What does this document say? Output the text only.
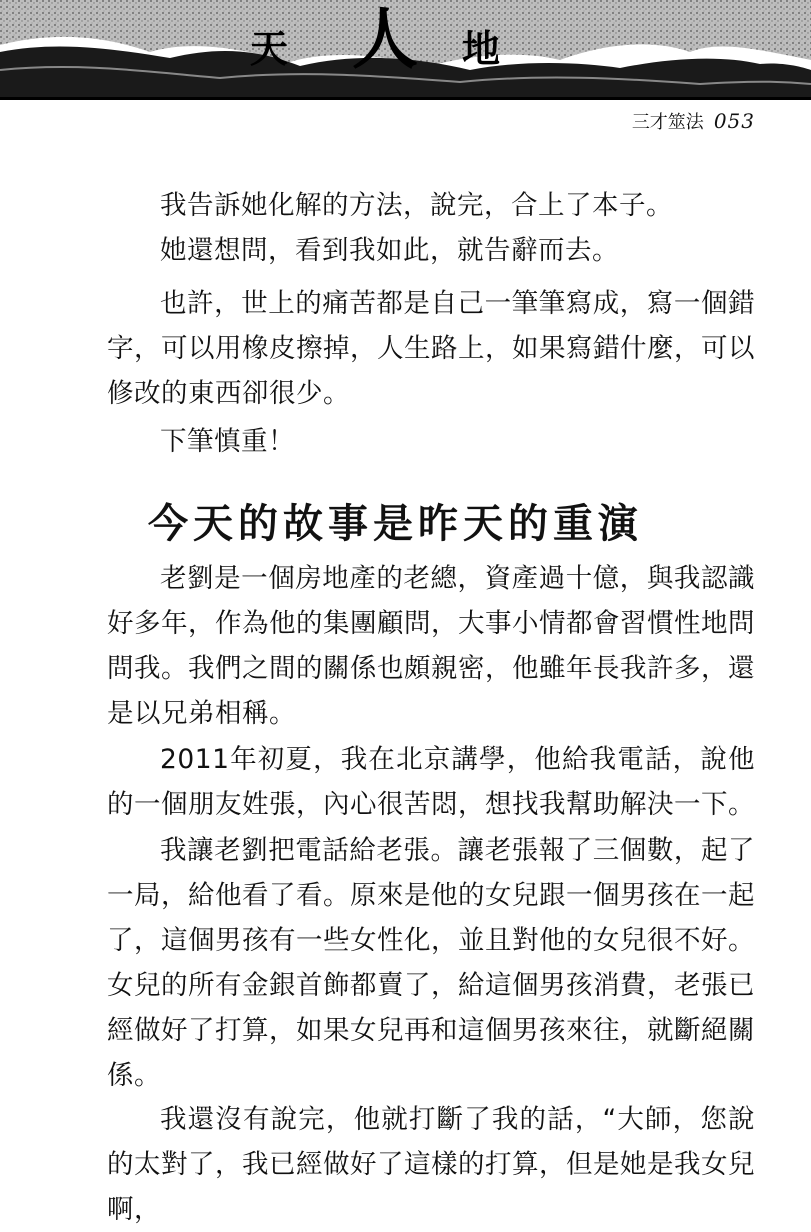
天 人 地
三才筮法 053

我告訴她化解的方法，說完，合上了本子。

她還想問，看到我如此，就告辭而去。

也許，世上的痛苦都是自己一筆筆寫成，寫一個錯字，可以用橡皮擦掉，人生路上，如果寫錯什麼，可以修改的東西卻很少。

下筆慎重！

今天的故事是昨天的重演

老劉是一個房地產的老總，資產過十億，與我認識好多年，作為他的集團顧問，大事小情都會習慣性地問問我。我們之間的關係也頗親密，他雖年長我許多，還是以兄弟相稱。

2011年初夏，我在北京講學，他給我電話，說他的一個朋友姓張，內心很苦悶，想找我幫助解決一下。

我讓老劉把電話給老張。讓老張報了三個數，起了一局，給他看了看。原來是他的女兒跟一個男孩在一起了，這個男孩有一些女性化，並且對他的女兒很不好。女兒的所有金銀首飾都賣了，給這個男孩消費，老張已經做好了打算，如果女兒再和這個男孩來往，就斷絕關係。

我還沒有說完，他就打斷了我的話，“大師，您說的太對了，我已經做好了這樣的打算，但是她是我女兒啊，
